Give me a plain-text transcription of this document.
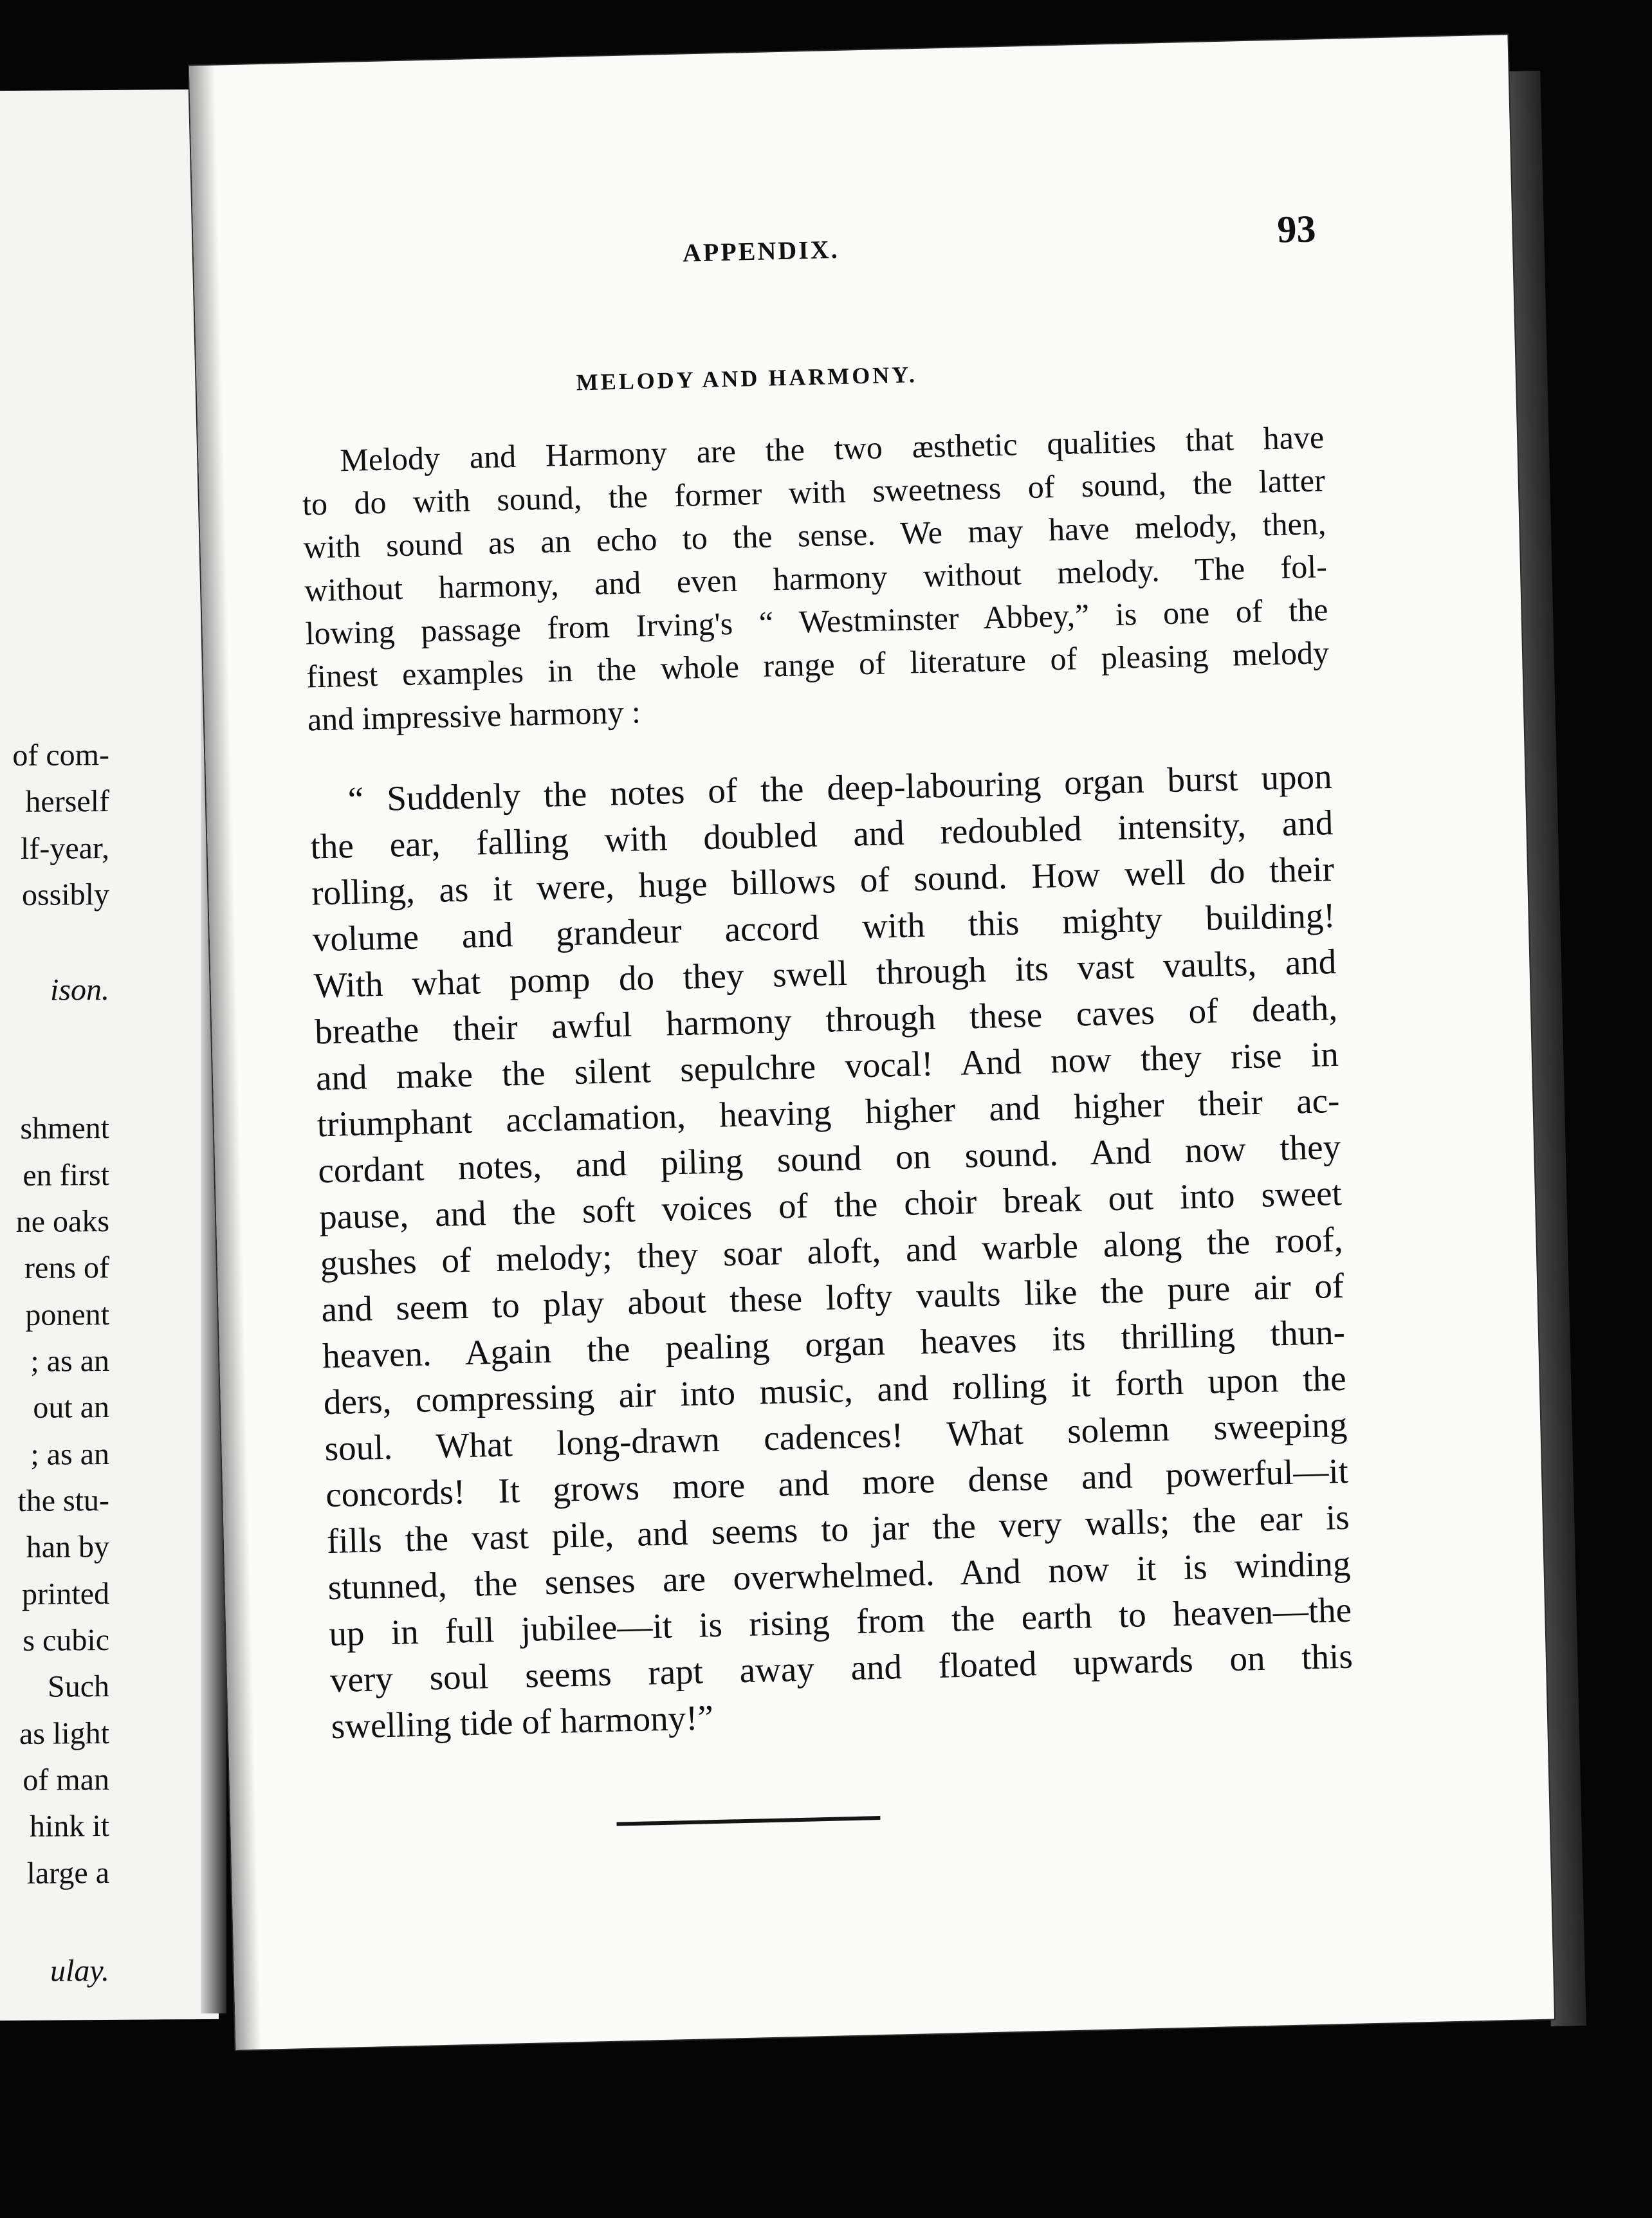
of com-
herself
lf-year,
ossibly
ison.
shment
en first
ne oaks
rens of
ponent
; as an
out an
; as an
the stu-
han by
printed
s cubic
Such
as light
of man
hink it
large a
ulay.
APPENDIX.
93
MELODY AND HARMONY.
Melody and Harmony are the two æsthetic qualities that have
to do with sound, the former with sweetness of sound, the latter
with sound as an echo to the sense. We may have melody, then,
without harmony, and even harmony without melody. The fol-
lowing passage from Irving's “ Westminster Abbey,” is one of the
finest examples in the whole range of literature of pleasing melody
and impressive harmony :
“ Suddenly the notes of the deep-labouring organ burst upon
the ear, falling with doubled and redoubled intensity, and
rolling, as it were, huge billows of sound. How well do their
volume and grandeur accord with this mighty building!
With what pomp do they swell through its vast vaults, and
breathe their awful harmony through these caves of death,
and make the silent sepulchre vocal! And now they rise in
triumphant acclamation, heaving higher and higher their ac-
cordant notes, and piling sound on sound. And now they
pause, and the soft voices of the choir break out into sweet
gushes of melody; they soar aloft, and warble along the roof,
and seem to play about these lofty vaults like the pure air of
heaven. Again the pealing organ heaves its thrilling thun-
ders, compressing air into music, and rolling it forth upon the
soul. What long-drawn cadences! What solemn sweeping
concords! It grows more and more dense and powerful—it
fills the vast pile, and seems to jar the very walls; the ear is
stunned, the senses are overwhelmed. And now it is winding
up in full jubilee—it is rising from the earth to heaven—the
very soul seems rapt away and floated upwards on this
swelling tide of harmony!”
